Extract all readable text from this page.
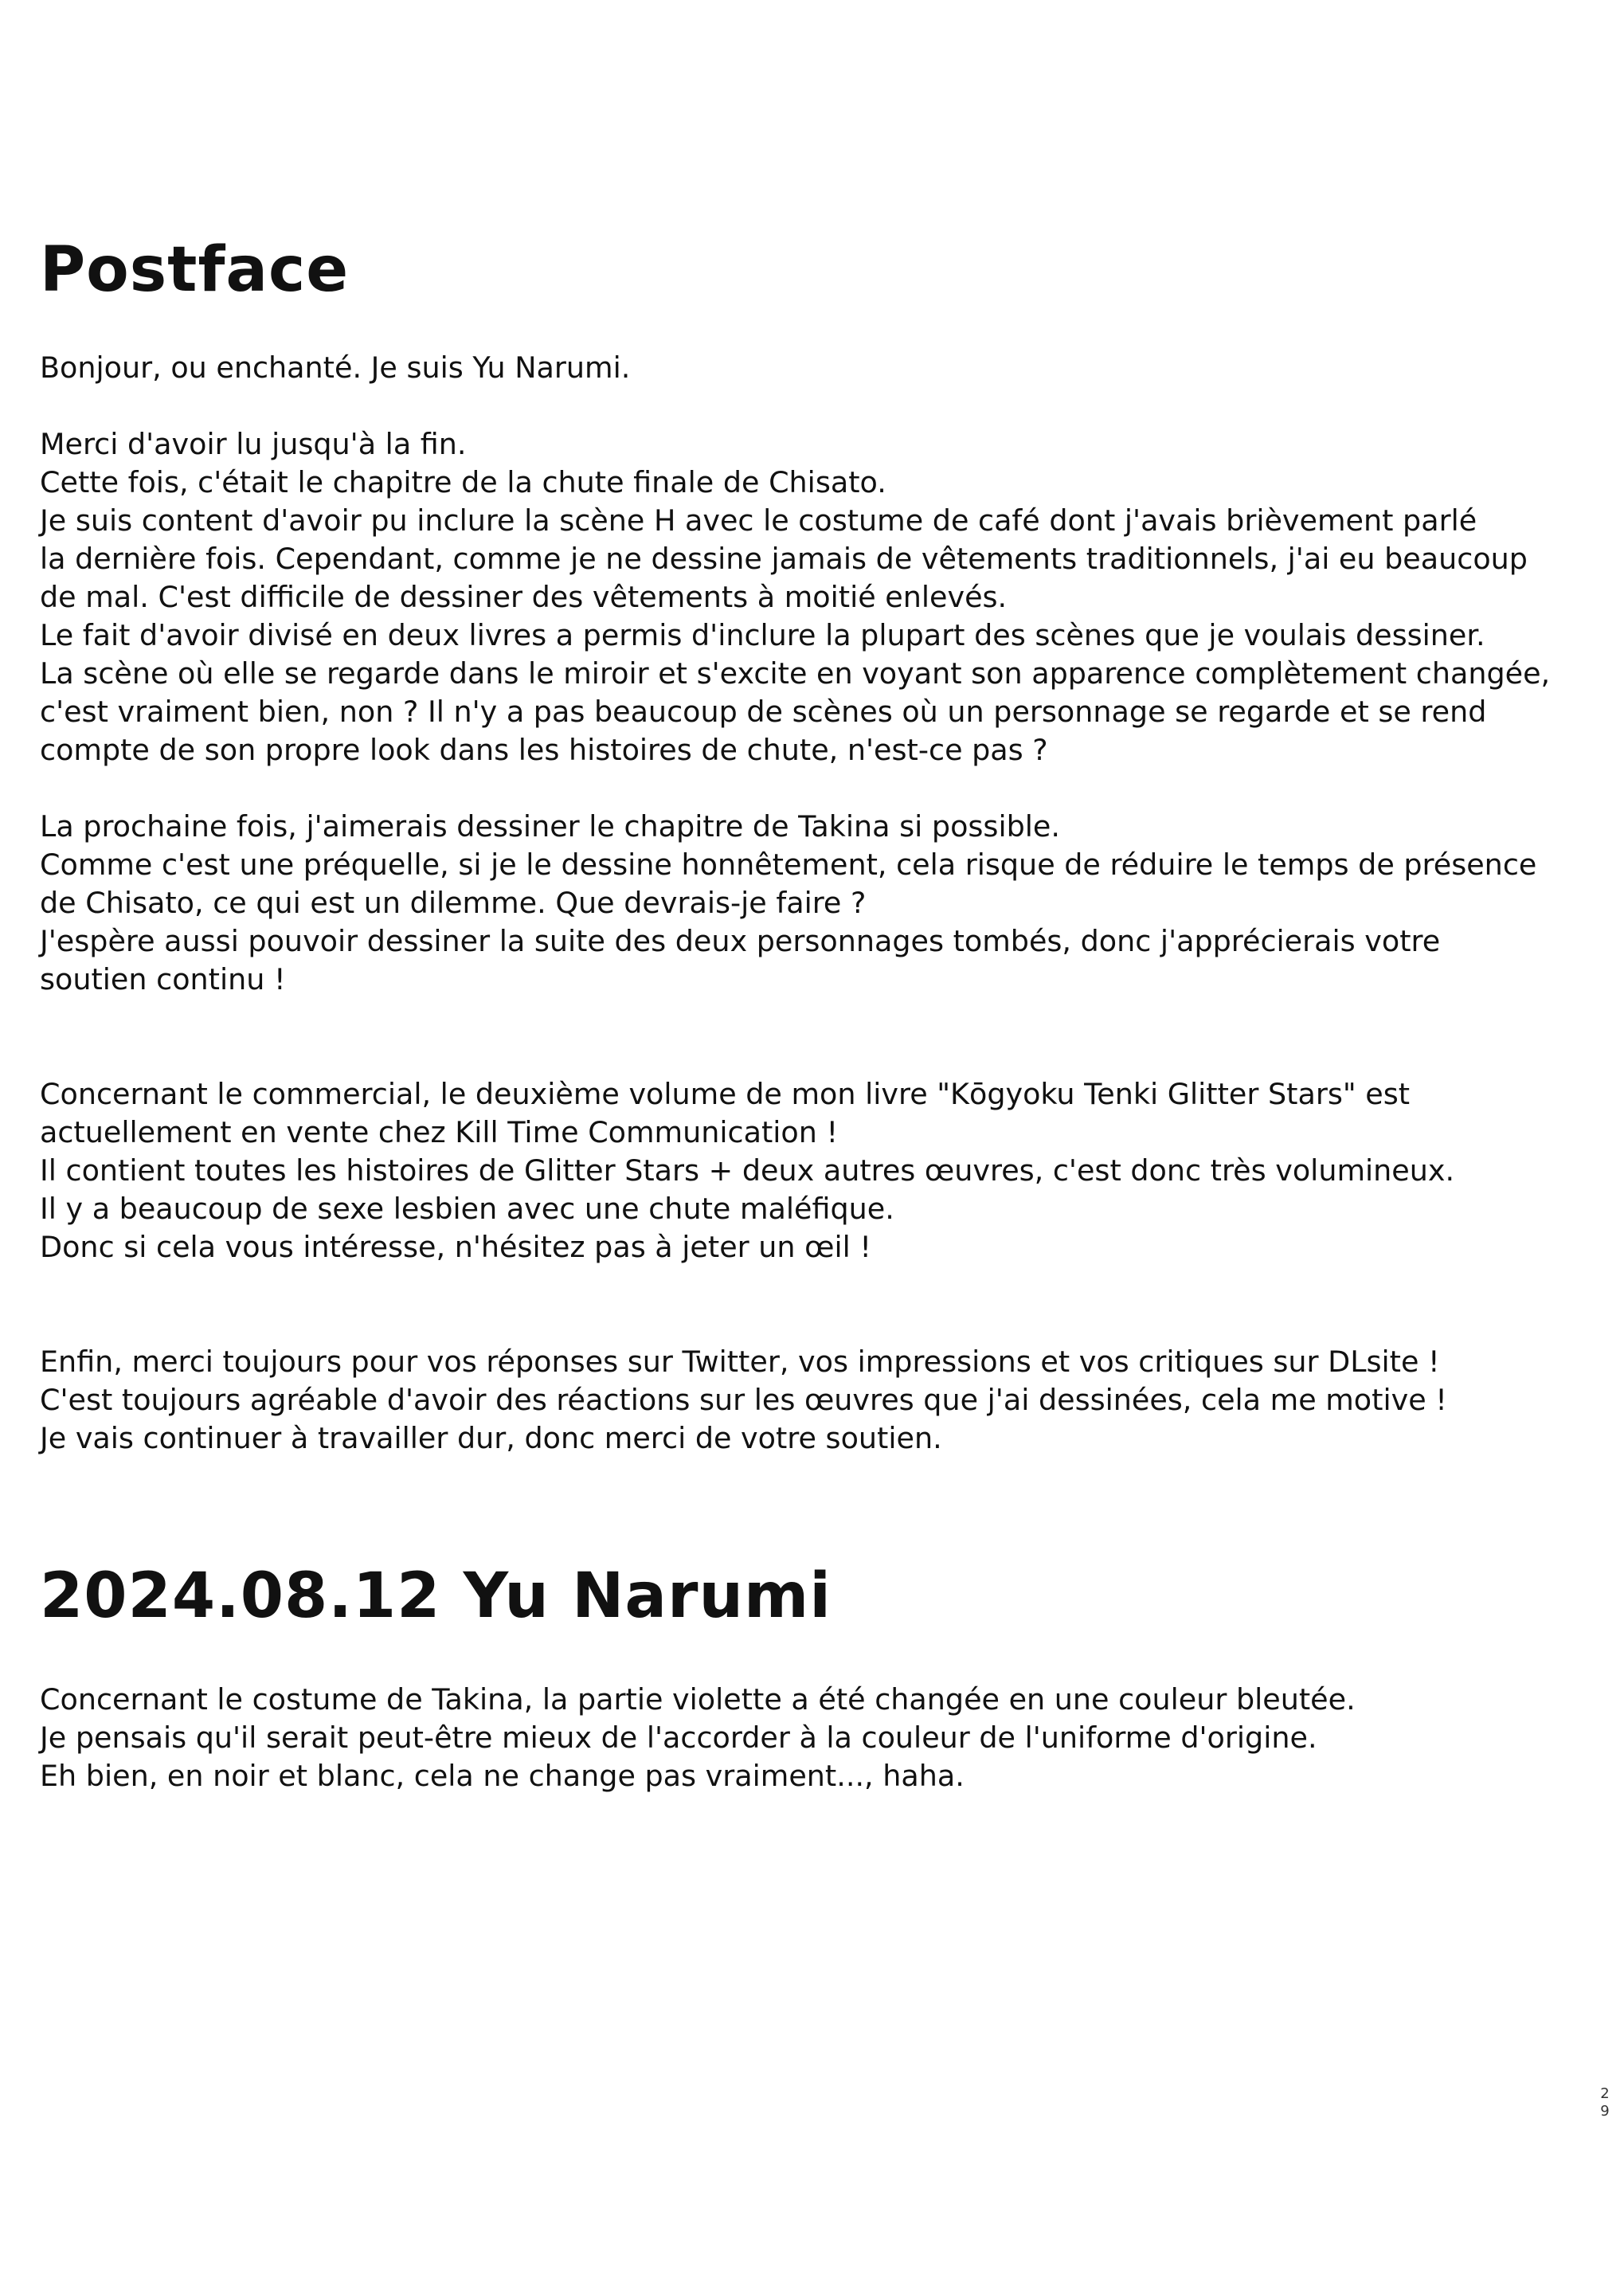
Postface

Bonjour, ou enchanté. Je suis Yu Narumi.

Merci d'avoir lu jusqu'à la fin.
Cette fois, c'était le chapitre de la chute finale de Chisato.
Je suis content d'avoir pu inclure la scène H avec le costume de café dont j'avais brièvement parlé
la dernière fois. Cependant, comme je ne dessine jamais de vêtements traditionnels, j'ai eu beaucoup
de mal. C'est difficile de dessiner des vêtements à moitié enlevés.
Le fait d'avoir divisé en deux livres a permis d'inclure la plupart des scènes que je voulais dessiner.
La scène où elle se regarde dans le miroir et s'excite en voyant son apparence complètement changée,
c'est vraiment bien, non ? Il n'y a pas beaucoup de scènes où un personnage se regarde et se rend
compte de son propre look dans les histoires de chute, n'est-ce pas ?

La prochaine fois, j'aimerais dessiner le chapitre de Takina si possible.
Comme c'est une préquelle, si je le dessine honnêtement, cela risque de réduire le temps de présence
de Chisato, ce qui est un dilemme. Que devrais-je faire ?
J'espère aussi pouvoir dessiner la suite des deux personnages tombés, donc j'apprécierais votre
soutien continu !

Concernant le commercial, le deuxième volume de mon livre "Kōgyoku Tenki Glitter Stars" est
actuellement en vente chez Kill Time Communication !
Il contient toutes les histoires de Glitter Stars + deux autres œuvres, c'est donc très volumineux.
Il y a beaucoup de sexe lesbien avec une chute maléfique.
Donc si cela vous intéresse, n'hésitez pas à jeter un œil !

Enfin, merci toujours pour vos réponses sur Twitter, vos impressions et vos critiques sur DLsite !
C'est toujours agréable d'avoir des réactions sur les œuvres que j'ai dessinées, cela me motive !
Je vais continuer à travailler dur, donc merci de votre soutien.

2024.08.12 Yu Narumi

Concernant le costume de Takina, la partie violette a été changée en une couleur bleutée.
Je pensais qu'il serait peut-être mieux de l'accorder à la couleur de l'uniforme d'origine.
Eh bien, en noir et blanc, cela ne change pas vraiment..., haha.

2
9
